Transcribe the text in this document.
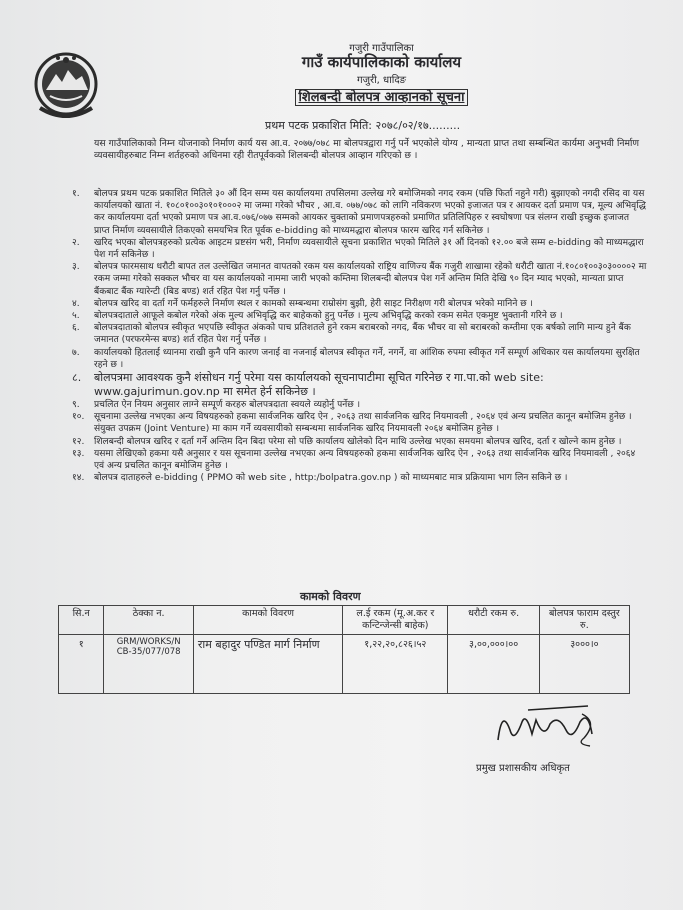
गजुरी गाउँपालिका
गाउँ कार्यपालिकाको कार्यालय
गजुरी, धादिङ
शिलबन्दी बोलपत्र आव्हानको सूचना
प्रथम पटक प्रकाशित मिति: २०७८/०२/१७.........
यस गाउँपालिकाको निम्न योजनाको निर्माण कार्य यस आ.व. २०७७/०७८ मा बोलपत्रद्वारा गर्नु पर्ने भएकोले योग्य , मान्यता प्राप्त तथा सम्बन्धित कार्यमा अनुभवी निर्माण व्यवसायीहरुबाट निम्न शर्तहरुको अधिनमा रही रीतपूर्वकको शिलबन्दी बोलपत्र आव्हान गरिएको छ ।
१. बोलपत्र प्रथम पटक प्रकाशित मितिले ३० औं दिन सम्म यस कार्यालयमा तपसिलमा उल्लेख गरे बमोजिमको नगद रकम (पछि फिर्ता नहुने गरी) बुझाएको नगदी रसिद वा यस कार्यालयको खाता नं. १०८०१००३०१०१०००२ मा जम्मा गरेको भौचर , आ.व. ०७७/०७८ को लागि नविकरण भएको इजाजत पत्र र आयकर दर्ता प्रमाण पत्र, मूल्य अभिवृद्धि कर कार्यालयमा दर्ता भएको प्रमाण पत्र आ.व.०७६/०७७ सम्मको आयकर चुक्ताको प्रमाणपत्रहरुको प्रमाणित प्रतिलिपिहरु र स्वघोषणा पत्र संलग्न राखी इच्छुक इजाजत प्राप्त निर्माण व्यवसायीले तिकएको समयभित्र रित पूर्वक e-bidding को माध्यमद्धारा बोलपत्र फारम खरिद गर्न सकिनेछ ।
२. खरिद भएका बोलपत्रहरुको प्रत्येक आइटम प्रष्टसंग भरी, निर्माण व्यवसायीले सूचना प्रकाशित भएको मितिले ३१ औं दिनको १२.०० बजे सम्म e-bidding को माध्यमद्धारा पेश गर्न सकिनेछ ।
३. बोलपत्र फारमसाथ धरौटी बापत तल उल्लेखित जमानत वापतको रकम यस कार्यालयको राष्ट्रिय वाणिज्य बैंक गजुरी शाखामा रहेको धरौटी खाता नं.१०८०१००३०३००००२ मा रकम जम्मा गरेको सक्कल भौचर वा यस कार्यालयको नाममा जारी भएको कम्तिमा शिलबन्दी बोलपत्र पेश गर्ने अन्तिम मिति देखि ९० दिन म्याद भएको, मान्यता प्राप्त बैंकबाट बैंक ग्यारेन्टी (बिड बण्ड) शर्त रहित पेश गर्नु पर्नेछ ।
४. बोलपत्र खरिद वा दर्ता गर्ने फर्महरुले निर्माण स्थल र कामको सम्बन्धमा राम्रोसंग बुझी, हेरी साइट निरीक्षण गरी बोलपत्र भरेको मानिने छ ।
५. बोलपत्रदाताले आफूले कबोल गरेको अंक मुल्य अभिवृद्धि कर बाहेकको हुनु पर्नेछ । मुल्य अभिवृद्धि करको रकम समेत एकमुष्ट भुक्तानी गरिने छ ।
६. बोलपत्रदाताको बोलपत्र स्वीकृत भएपछि स्वीकृत अंकको पाच प्रतिशतले हुने रकम बराबरको नगद, बैंक भौचर वा सो बराबरको कम्तीमा एक बर्षको लागि मान्य हुने बैंक जमानत (परफरमेन्स बण्ड) शर्त रहित पेश गर्नु पर्नेछ ।
७. कार्यालयको हितलाई ध्यानमा राखी कुनै पनि कारण जनाई वा नजनाई बोलपत्र स्वीकृत गर्ने, नगर्ने, वा आंशिक रुपमा स्वीकृत गर्ने सम्पूर्ण अधिकार यस कार्यालयमा सुरक्षित रहने छ ।
८. बोलपत्रमा आवश्यक कुनै शंसोधन गर्नु परेमा यस कार्यालयको सूचनापाटीमा सूचित गरिनेछ र गा.पा.को web site: www.gajurimun.gov.np मा समेत हेर्न सकिनेछ ।
९. प्रचलित ऐन नियम अनुसार लाग्ने सम्पूर्ण करहरु बोलपत्रदाता स्वयले व्यहोर्नु पर्नेछ ।
१०. सूचनामा उल्लेख नभएका अन्य विषयहरुको हकमा सार्वजनिक खरिद ऐन , २०६३ तथा सार्वजनिक खरिद नियमावली , २०६४ एवं अन्य प्रचलित कानून बमोजिम हुनेछ । संयुक्त उपक्रम (Joint Venture) मा काम गर्ने व्यवसायीको सम्बन्धमा सार्वजनिक खरिद नियमावली २०६४ बमोजिम हुनेछ ।
१२. शिलबन्दी बोलपत्र खरिद र दर्ता गर्ने अन्तिम दिन बिदा परेमा सो पछि कार्यालय खोलेको दिन माथि उल्लेख भएका समयमा बोलपत्र खरिद, दर्ता र खोल्ने काम हुनेछ ।
१३. यसमा लेखिएको हकमा यसै अनुसार र यस सूचनामा उल्लेख नभएका अन्य विषयहरुको हकमा सार्वजनिक खरिद ऐन , २०६३ तथा सार्वजनिक खरिद नियमावली , २०६४ एवं अन्य प्रचलित कानून बमोजिम हुनेछ ।
१४. बोलपत्र दाताहरुले e-bidding ( PPMO को web site , http:/bolpatra.gov.np ) को माध्यमबाट मात्र प्रक्रियामा भाग लिन सकिने छ ।
कामको विवरण
सि.न	ठेक्का न.	कामको विवरण	ल.ई रकम (मू.अ.कर र कन्टिन्जेन्सी बाहेक)	धरौटी रकम रु.	बोलपत्र फाराम दस्तुर रु.
१	GRM/WORKS/N CB-35/077/078	राम बहादुर पण्डित मार्ग निर्माण	१,२२,२०,८२६।५२	३,००,०००।००	३०००।०
प्रमुख प्रशासकीय अधिकृत
